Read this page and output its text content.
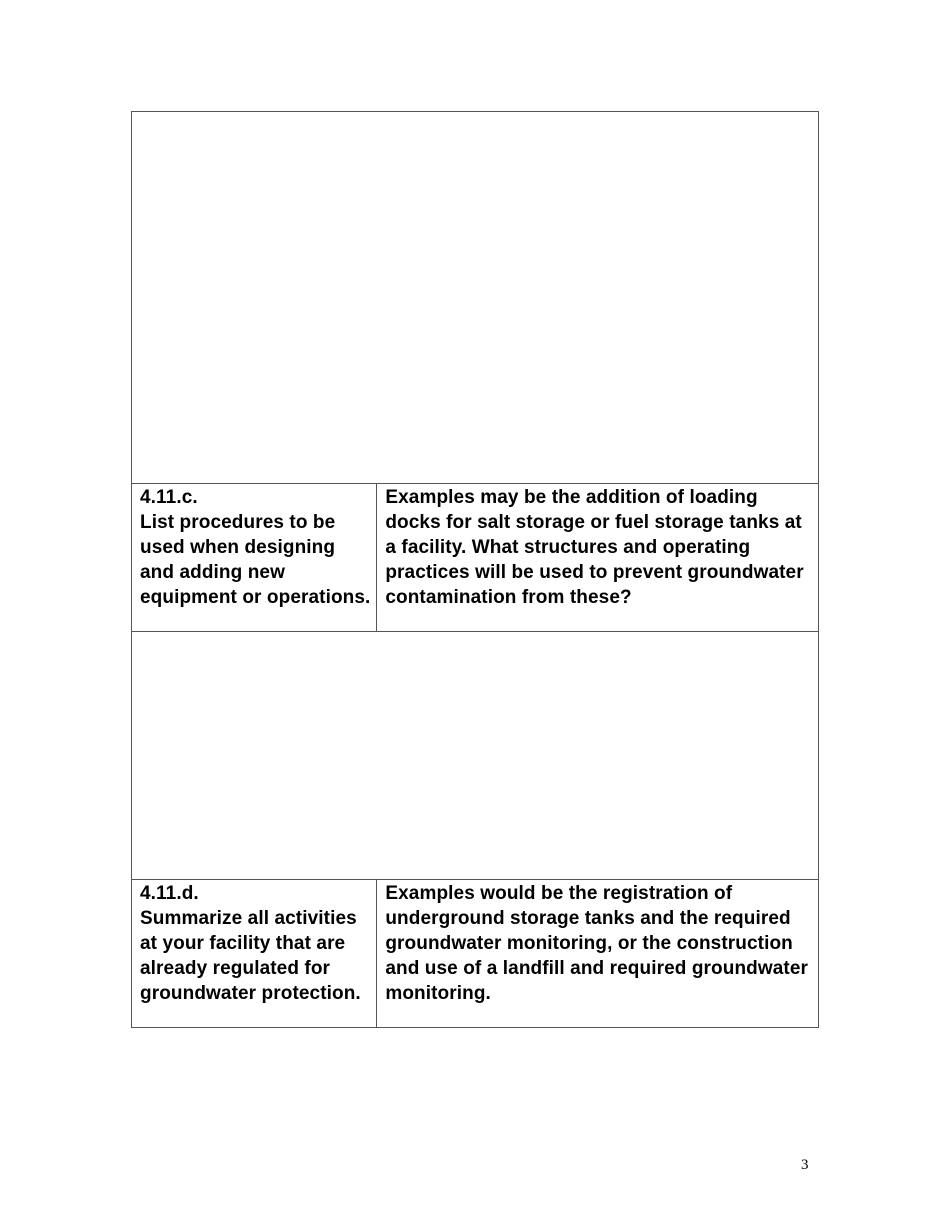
4.11.c.
List procedures to be used when designing and adding new equipment or operations.	Examples may be the addition of loading docks for salt storage or fuel storage tanks at a facility. What structures and operating practices will be used to prevent groundwater contamination from these?

4.11.d.
Summarize all activities at your facility that are already regulated for groundwater protection.	Examples would be the registration of underground storage tanks and the required groundwater monitoring, or the construction and use of a landfill and required groundwater monitoring.
3
